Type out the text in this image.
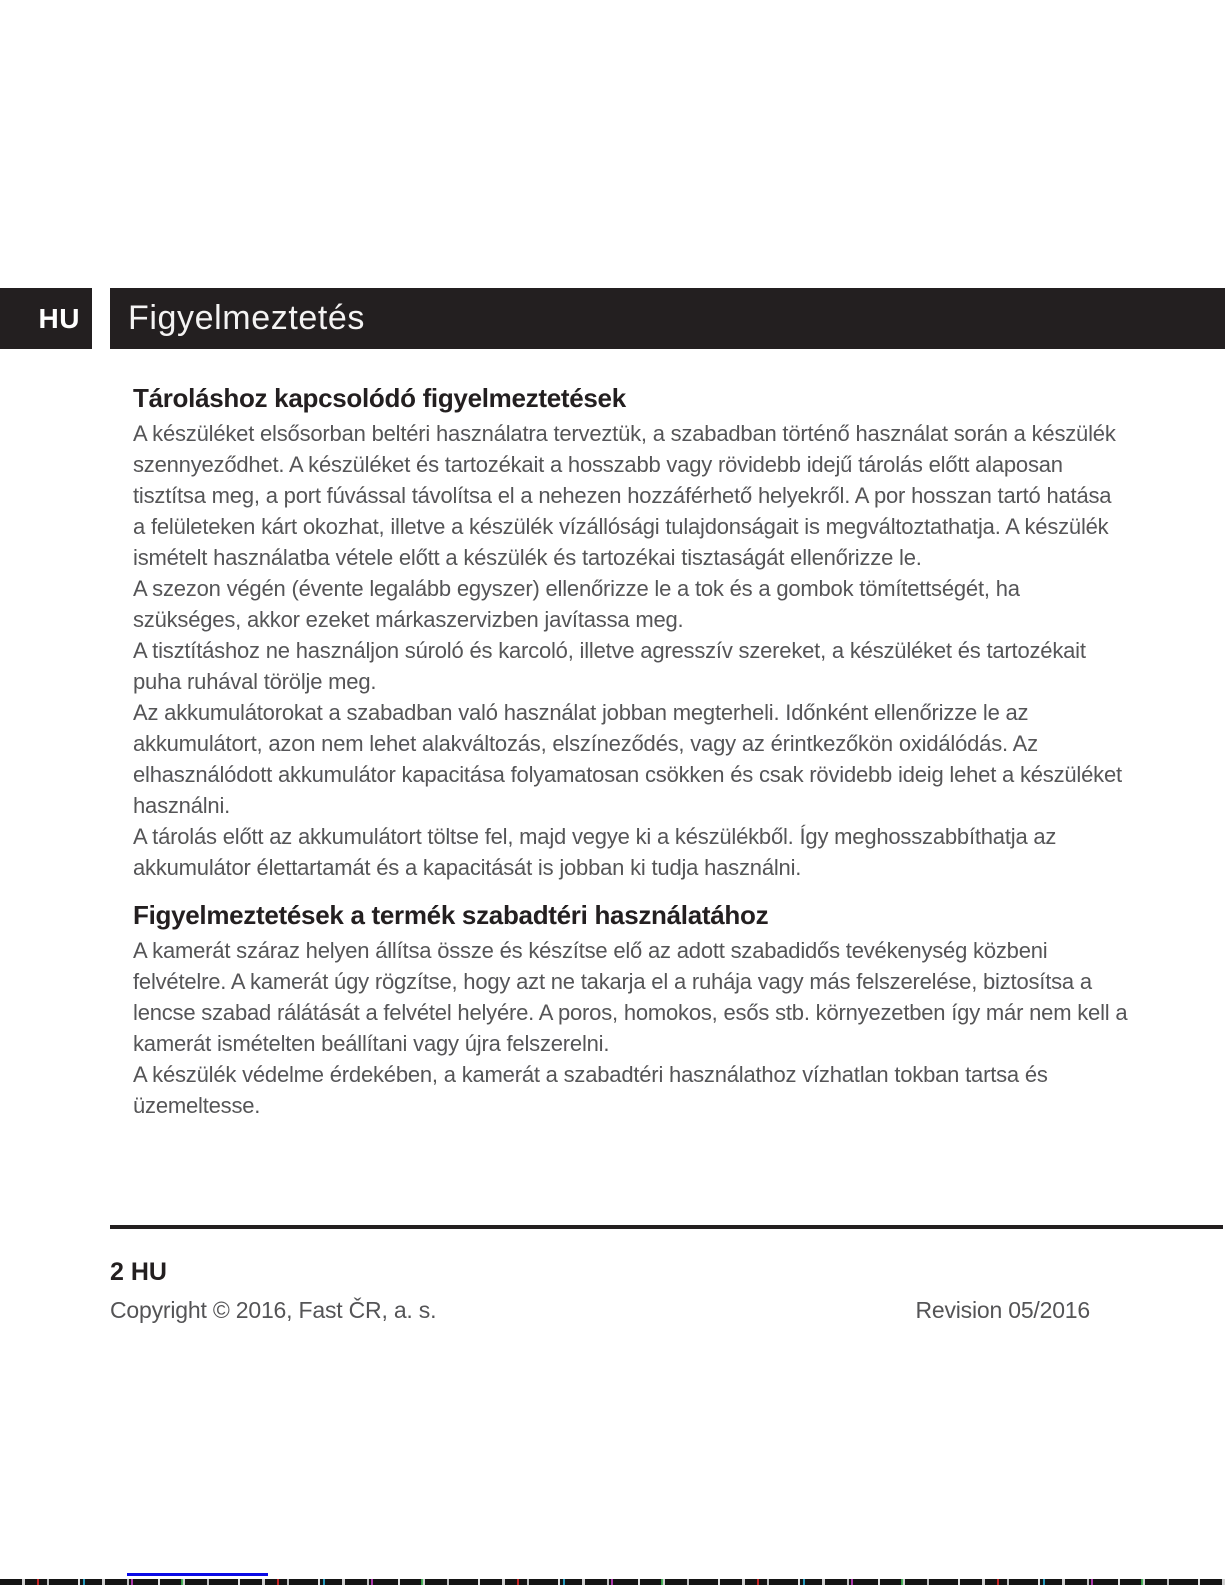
HU Figyelmeztetés
Tároláshoz kapcsolódó figyelmeztetések

A készüléket elsősorban beltéri használatra terveztük, a szabadban történő használat során a készülék szennyeződhet. A készüléket és tartozékait a hosszabb vagy rövidebb idejű tárolás előtt alaposan tisztítsa meg, a port fúvással távolítsa el a nehezen hozzáférhető helyekről. A por hosszan tartó hatása a felületeken kárt okozhat, illetve a készülék vízállósági tulajdonságait is megváltoztathatja. A készülék ismételt használatba vétele előtt a készülék és tartozékai tisztaságát ellenőrizze le.

A szezon végén (évente legalább egyszer) ellenőrizze le a tok és a gombok tömítettségét, ha szükséges, akkor ezeket márkaszervizben javítassa meg.

A tisztításhoz ne használjon súroló és karcoló, illetve agresszív szereket, a készüléket és tartozékait puha ruhával törölje meg.

Az akkumulátorokat a szabadban való használat jobban megterheli. Időnként ellenőrizze le az akkumulátort, azon nem lehet alakváltozás, elszíneződés, vagy az érintkezőkön oxidálódás. Az elhasználódott akkumulátor kapacitása folyamatosan csökken és csak rövidebb ideig lehet a készüléket használni.

A tárolás előtt az akkumulátort töltse fel, majd vegye ki a készülékből. Így meghosszabbíthatja az akkumulátor élettartamát és a kapacitását is jobban ki tudja használni.

Figyelmeztetések a termék szabadtéri használatához

A kamerát száraz helyen állítsa össze és készítse elő az adott szabadidős tevékenység közbeni felvételre. A kamerát úgy rögzítse, hogy azt ne takarja el a ruhája vagy más felszerelése, biztosítsa a lencse szabad rálátását a felvétel helyére. A poros, homokos, esős stb. környezetben így már nem kell a kamerát ismételten beállítani vagy újra felszerelni.

A készülék védelme érdekében, a kamerát a szabadtéri használathoz vízhatlan tokban tartsa és üzemeltesse.

2 HU
Copyright © 2016, Fast ČR, a. s.	Revision 05/2016
